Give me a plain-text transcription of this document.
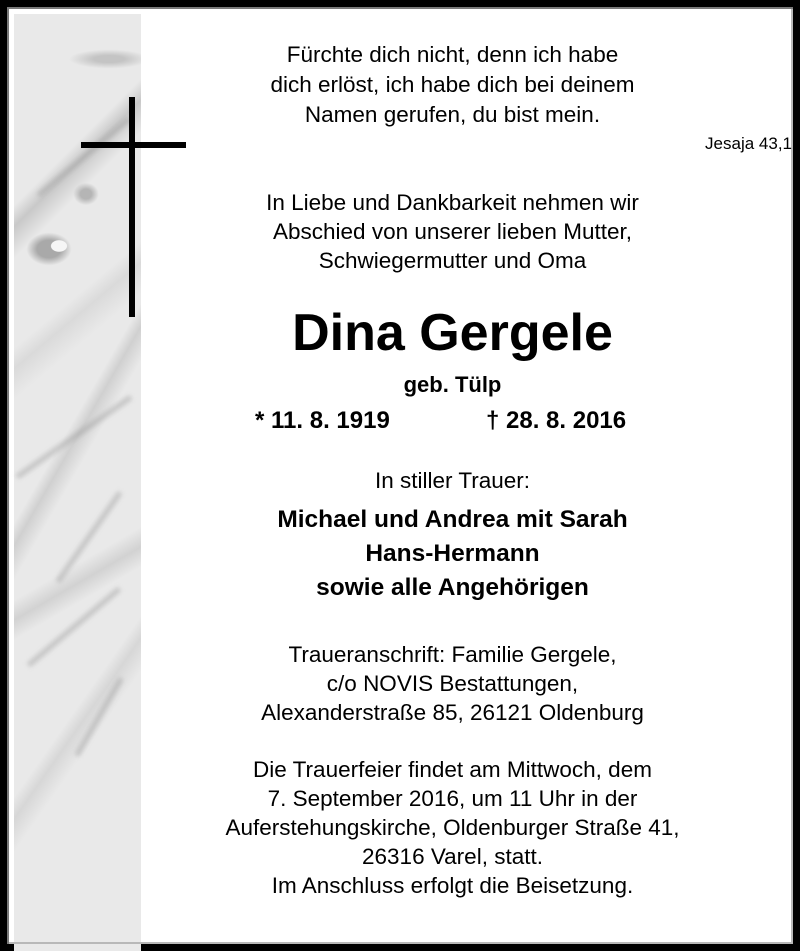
Fürchte dich nicht, denn ich habe
dich erlöst, ich habe dich bei deinem
Namen gerufen, du bist mein.
Jesaja 43,1
In Liebe und Dankbarkeit nehmen wir
Abschied von unserer lieben Mutter,
Schwiegermutter und Oma
Dina Gergele
geb. Tülp
* 11. 8. 1919	† 28. 8. 2016
In stiller Trauer:
Michael und Andrea mit Sarah
Hans-Hermann
sowie alle Angehörigen
Traueranschrift: Familie Gergele,
c/o NOVIS Bestattungen,
Alexanderstraße 85, 26121 Oldenburg
Die Trauerfeier findet am Mittwoch, dem
7. September 2016, um 11 Uhr in der
Auferstehungskirche, Oldenburger Straße 41,
26316 Varel, statt.
Im Anschluss erfolgt die Beisetzung.
